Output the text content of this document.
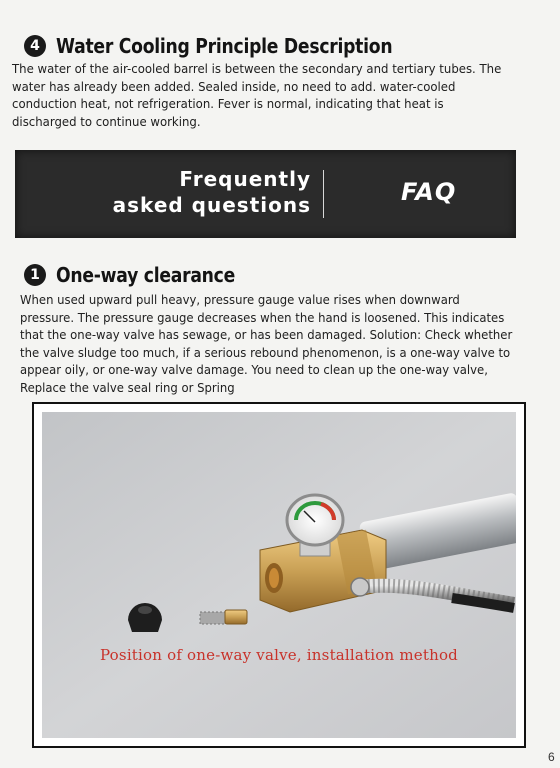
4 Water Cooling Principle Description
The water of the air-cooled barrel is between the secondary and tertiary tubes. The
water has already been added. Sealed inside, no need to add. water-cooled
conduction heat, not refrigeration. Fever is normal, indicating that heat is
discharged to continue working.
Frequently
asked questions	FAQ
1 One-way clearance
When used upward pull heavy, pressure gauge value rises when downward
pressure. The pressure gauge decreases when the hand is loosened. This indicates
that the one-way valve has sewage, or has been damaged. Solution: Check whether
the valve sludge too much, if a serious rebound phenomenon, is a one-way valve to
appear oily, or one-way valve damage. You need to clean up the one-way valve,
Replace the valve seal ring or Spring
Position of one-way valve, installation method
6
